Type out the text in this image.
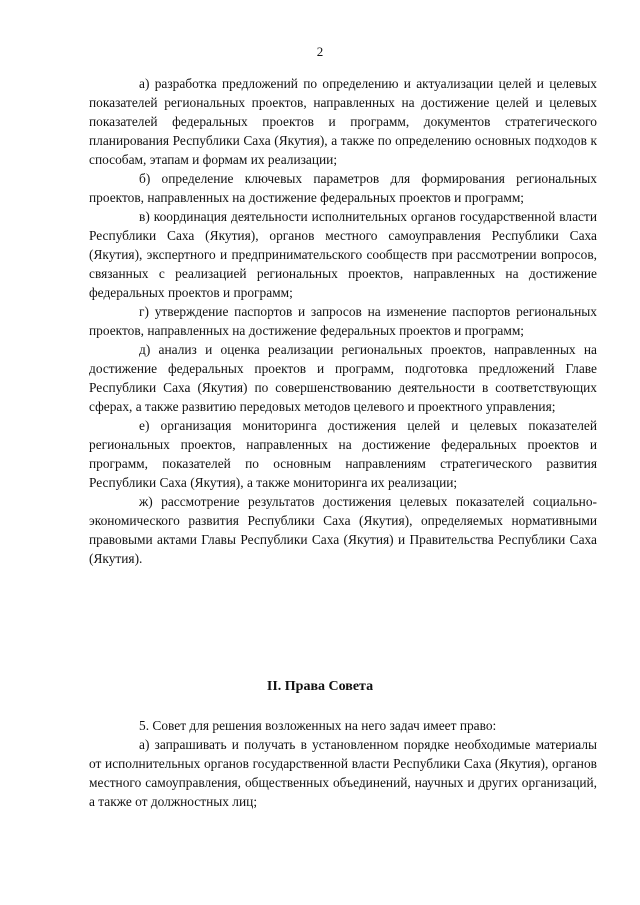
2

а) разработка предложений по определению и актуализации целей и целевых показателей региональных проектов, направленных на достижение целей и целевых показателей федеральных проектов и программ, документов стратегического планирования Республики Саха (Якутия), а также по определению основных подходов к способам, этапам и формам их реализации;

б) определение ключевых параметров для формирования региональных проектов, направленных на достижение федеральных проектов и программ;

в) координация деятельности исполнительных органов государственной власти Республики Саха (Якутия), органов местного самоуправления Республики Саха (Якутия), экспертного и предпринимательского сообществ при рассмотрении вопросов, связанных с реализацией региональных проектов, направленных на достижение федеральных проектов и программ;

г) утверждение паспортов и запросов на изменение паспортов региональных проектов, направленных на достижение федеральных проектов и программ;

д) анализ и оценка реализации региональных проектов, направленных на достижение федеральных проектов и программ, подготовка предложений Главе Республики Саха (Якутия) по совершенствованию деятельности в соответствующих сферах, а также развитию передовых методов целевого и проектного управления;

е) организация мониторинга достижения целей и целевых показателей региональных проектов, направленных на достижение федеральных проектов и программ, показателей по основным направлениям стратегического развития Республики Саха (Якутия), а также мониторинга их реализации;

ж) рассмотрение результатов достижения целевых показателей социально-экономического развития Республики Саха (Якутия), определяемых нормативными правовыми актами Главы Республики Саха (Якутия) и Правительства Республики Саха (Якутия).

II. Права Совета

5. Совет для решения возложенных на него задач имеет право:

а) запрашивать и получать в установленном порядке необходимые материалы от исполнительных органов государственной власти Республики Саха (Якутия), органов местного самоуправления, общественных объединений, научных и других организаций, а также от должностных лиц;
